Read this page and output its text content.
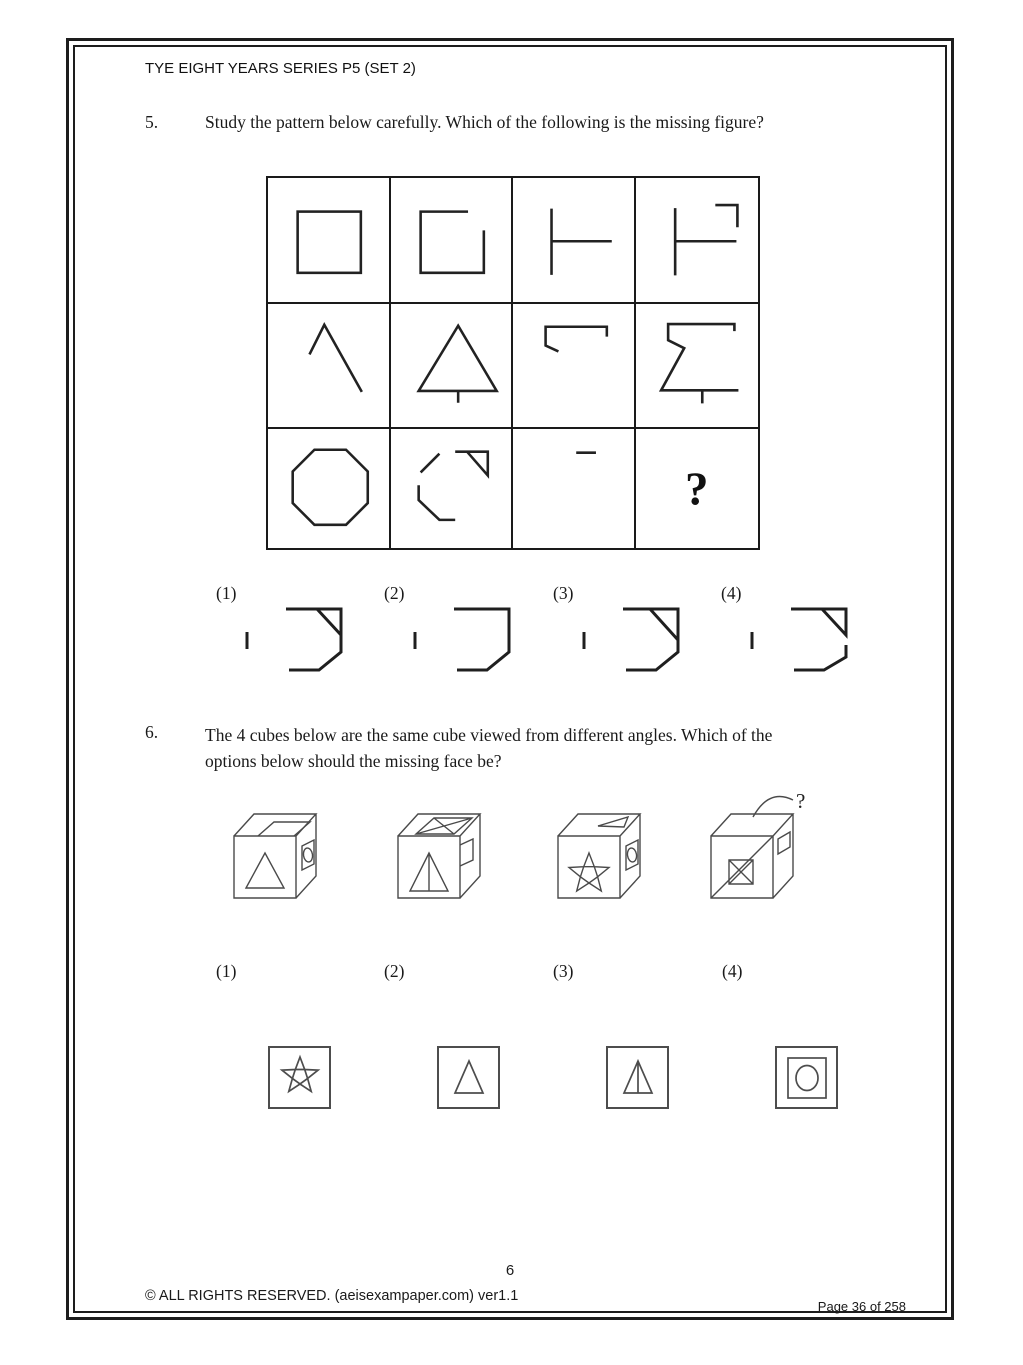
TYE EIGHT YEARS SERIES P5 (SET 2)
5.	Study the pattern below carefully. Which of the following is the missing figure?
?
(1)	(2)	(3)	(4)
6.	The 4 cubes below are the same cube viewed from different angles. Which of the
options below should the missing face be?
?
(1)	(2)	(3)	(4)
6
© ALL RIGHTS RESERVED. (aeisexampaper.com) ver1.1
Page 36 of 258
